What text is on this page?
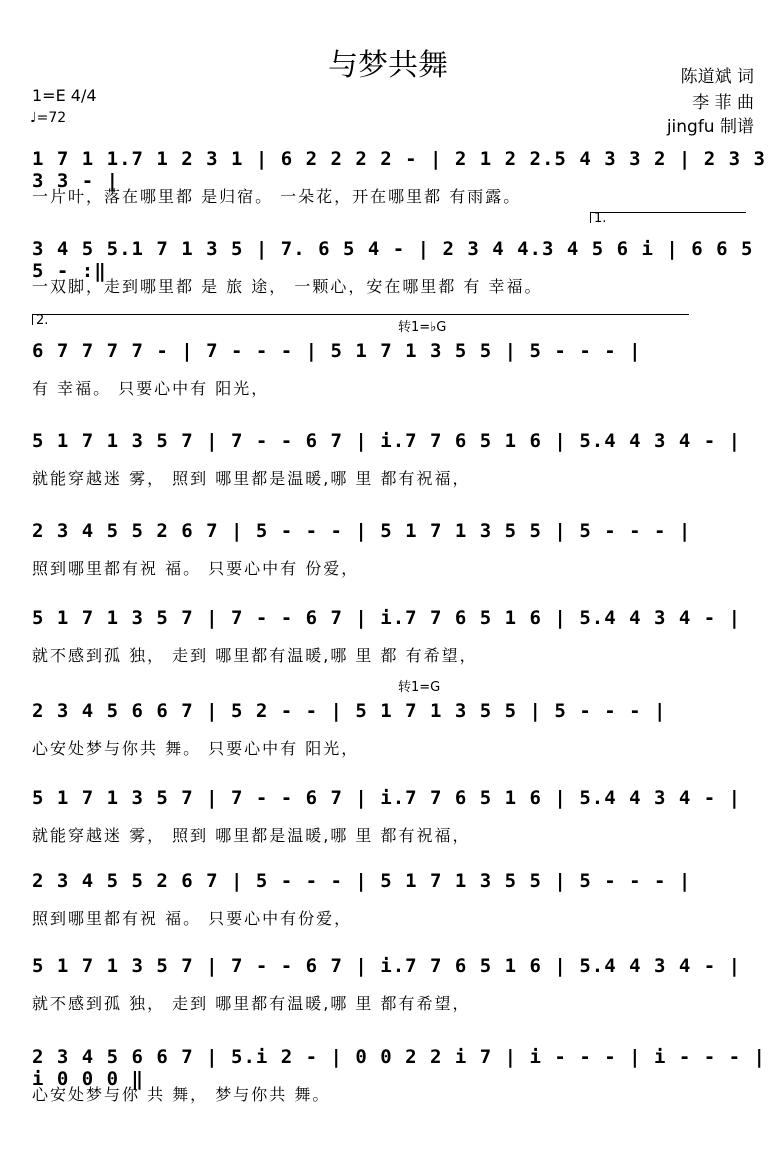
与梦共舞	陈道斌 词
李 菲 曲
jingfu 制谱
1=E 4/4
♩=72
1 7 1 1.7 1 2 3 1 | 6 2 2 2 2 - | 2 1 2 2.5 4 3 3 2 | 2 3 3 3 3 - |
一片叶，落在哪里都 是归宿。 一朵花，开在哪里都 有雨露。
3 4 5 5.1 7 1 3 5 | 7. 6 5 4 - | 2 3 4 4.3 4 5 6 i | 6 6 5 5 - :‖
一双脚，走到哪里都 是 旅 途， 一颗心，安在哪里都 有 幸福。
1.
6 7 7 7 7 - | 7 - - - | 5 1 7 1 3 5 5 | 5 - - - |
有 幸福。 只要心中有 阳光，
2.	转1=♭G
5 1 7 1 3 5 7 | 7 - - 6 7 | i.7 7 6 5 1 6 | 5.4 4 3 4 - |
就能穿越迷 雾， 照到 哪里都是温暖,哪 里 都有祝福，
2 3 4 5 5 2 6 7 | 5 - - - | 5 1 7 1 3 5 5 | 5 - - - |
照到哪里都有祝 福。 只要心中有 份爱，
5 1 7 1 3 5 7 | 7 - - 6 7 | i.7 7 6 5 1 6 | 5.4 4 3 4 - |
就不感到孤 独， 走到 哪里都有温暖,哪 里 都 有希望，
2 3 4 5 6 6 7 | 5 2 - - | 5 1 7 1 3 5 5 | 5 - - - |
心安处梦与你共 舞。 只要心中有 阳光，
转1=G
5 1 7 1 3 5 7 | 7 - - 6 7 | i.7 7 6 5 1 6 | 5.4 4 3 4 - |
就能穿越迷 雾， 照到 哪里都是温暖,哪 里 都有祝福，
2 3 4 5 5 2 6 7 | 5 - - - | 5 1 7 1 3 5 5 | 5 - - - |
照到哪里都有祝 福。 只要心中有份爱，
5 1 7 1 3 5 7 | 7 - - 6 7 | i.7 7 6 5 1 6 | 5.4 4 3 4 - |
就不感到孤 独， 走到 哪里都有温暖,哪 里 都有希望，
2 3 4 5 6 6 7 | 5.i 2 - | 0 0 2 2 i 7 | i - - - | i - - - | i 0 0 0 ‖
心安处梦与你 共 舞， 梦与你共 舞。
